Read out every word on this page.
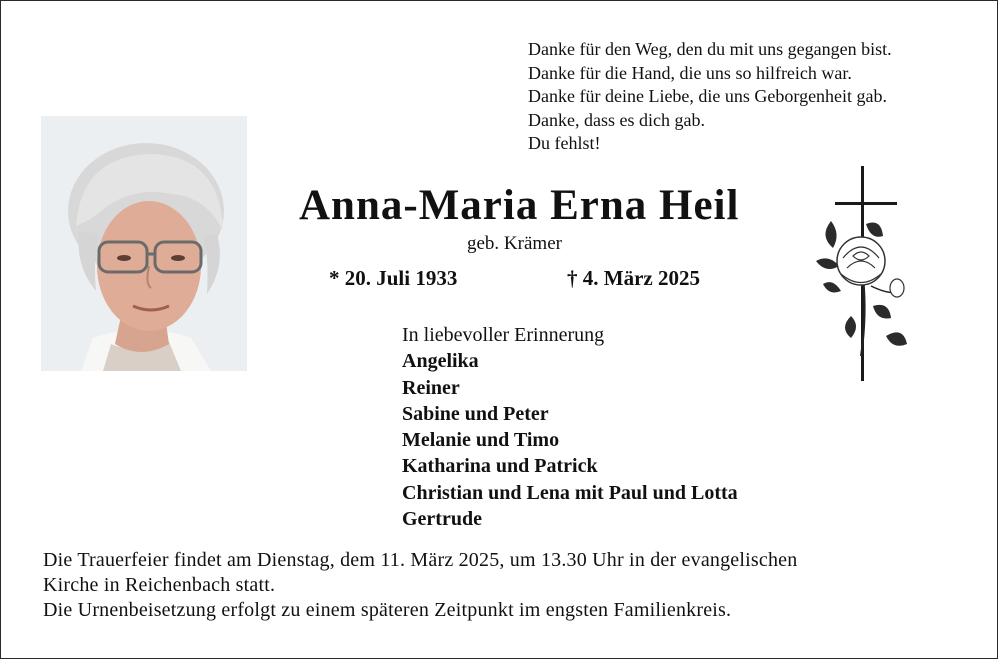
Danke für den Weg, den du mit uns gegangen bist.
Danke für die Hand, die uns so hilfreich war.
Danke für deine Liebe, die uns Geborgenheit gab.
Danke, dass es dich gab.
Du fehlst!
Anna-Maria Erna Heil
geb. Krämer
* 20. Juli 1933	† 4. März 2025
In liebevoller Erinnerung
Angelika
Reiner
Sabine und Peter
Melanie und Timo
Katharina und Patrick
Christian und Lena mit Paul und Lotta
Gertrude
Die Trauerfeier findet am Dienstag, dem 11. März 2025, um 13.30 Uhr in der evangelischen
Kirche in Reichenbach statt.
Die Urnenbeisetzung erfolgt zu einem späteren Zeitpunkt im engsten Familienkreis.
